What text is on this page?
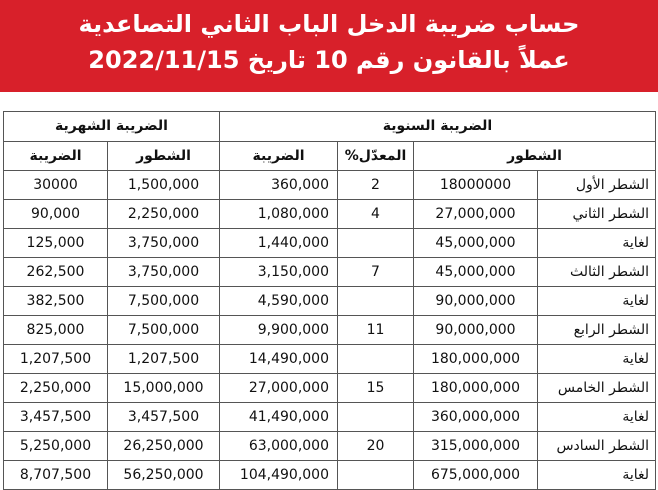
حساب ضريبة الدخل الباب الثاني التصاعدية
عملاً بالقانون رقم 10 تاريخ 2022/11/15
الضريبة الشهرية		الضريبة السنوية			
الضريبة	الشطور	الضريبة	المعدّل%	الشطور	
30000	1,500,000	360,000	2	18000000	الشطر الأول
90,000	2,250,000	1,080,000	4	27,000,000	الشطر الثاني
125,000	3,750,000	1,440,000		45,000,000	لغاية
262,500	3,750,000	3,150,000	7	45,000,000	الشطر الثالث
382,500	7,500,000	4,590,000		90,000,000	لغاية
825,000	7,500,000	9,900,000	11	90,000,000	الشطر الرابع
1,207,500	1,207,500	14,490,000		180,000,000	لغاية
2,250,000	15,000,000	27,000,000	15	180,000,000	الشطر الخامس
3,457,500	3,457,500	41,490,000		360,000,000	لغاية
5,250,000	26,250,000	63,000,000	20	315,000,000	الشطر السادس
8,707,500	56,250,000	104,490,000		675,000,000	لغاية
